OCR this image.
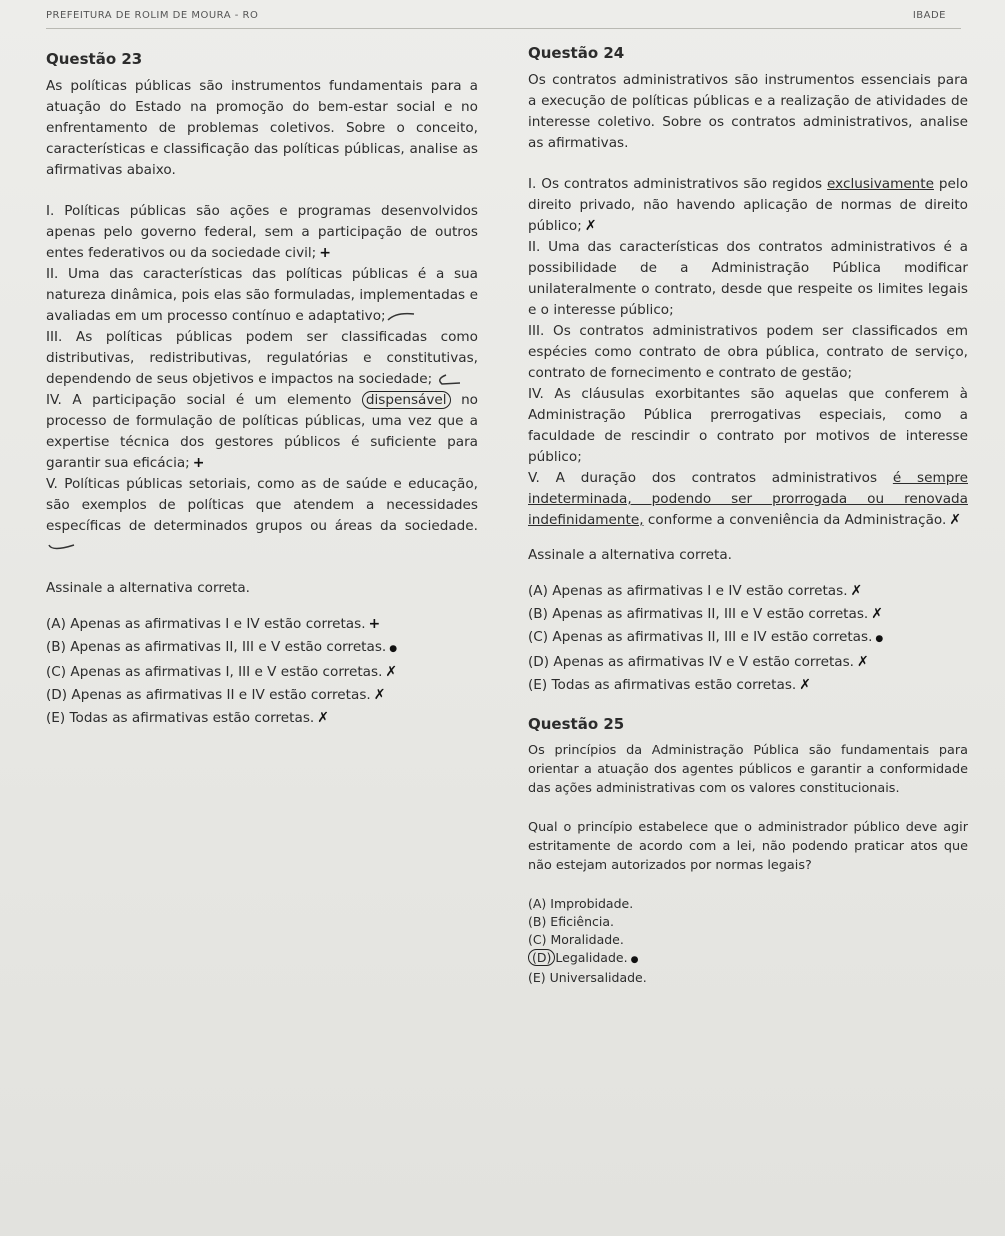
PREFEITURA DE ROLIM DE MOURA - RO	IBADE
Questão 23

As políticas públicas são instrumentos fundamentais para a atuação do Estado na promoção do bem-estar social e no enfrentamento de problemas coletivos. Sobre o conceito, características e classificação das políticas públicas, analise as afirmativas abaixo.

I. Políticas públicas são ações e programas desenvolvidos apenas pelo governo federal, sem a participação de outros entes federativos ou da sociedade civil; +

II. Uma das características das políticas públicas é a sua natureza dinâmica, pois elas são formuladas, implementadas e avaliadas em um processo contínuo e adaptativo;

III. As políticas públicas podem ser classificadas como distributivas, redistributivas, regulatórias e constitutivas, dependendo de seus objetivos e impactos na sociedade;

IV. A participação social é um elemento dispensável no processo de formulação de políticas públicas, uma vez que a expertise técnica dos gestores públicos é suficiente para garantir sua eficácia; +

V. Políticas públicas setoriais, como as de saúde e educação, são exemplos de políticas que atendem a necessidades específicas de determinados grupos ou áreas da sociedade.

Assinale a alternativa correta.

(A) Apenas as afirmativas I e IV estão corretas. +
(B) Apenas as afirmativas II, III e V estão corretas. ●
(C) Apenas as afirmativas I, III e V estão corretas. ✗
(D) Apenas as afirmativas II e IV estão corretas. ✗
(E) Todas as afirmativas estão corretas. ✗
Questão 24

Os contratos administrativos são instrumentos essenciais para a execução de políticas públicas e a realização de atividades de interesse coletivo. Sobre os contratos administrativos, analise as afirmativas.

I. Os contratos administrativos são regidos exclusivamente pelo direito privado, não havendo aplicação de normas de direito público; ✗

II. Uma das características dos contratos administrativos é a possibilidade de a Administração Pública modificar unilateralmente o contrato, desde que respeite os limites legais e o interesse público;

III. Os contratos administrativos podem ser classificados em espécies como contrato de obra pública, contrato de serviço, contrato de fornecimento e contrato de gestão;

IV. As cláusulas exorbitantes são aquelas que conferem à Administração Pública prerrogativas especiais, como a faculdade de rescindir o contrato por motivos de interesse público;

V. A duração dos contratos administrativos é sempre indeterminada, podendo ser prorrogada ou renovada indefinidamente, conforme a conveniência da Administração. ✗

Assinale a alternativa correta.

(A) Apenas as afirmativas I e IV estão corretas. ✗
(B) Apenas as afirmativas II, III e V estão corretas. ✗
(C) Apenas as afirmativas II, III e IV estão corretas. ●
(D) Apenas as afirmativas IV e V estão corretas. ✗
(E) Todas as afirmativas estão corretas. ✗
Questão 25

Os princípios da Administração Pública são fundamentais para orientar a atuação dos agentes públicos e garantir a conformidade das ações administrativas com os valores constitucionais.

Qual o princípio estabelece que o administrador público deve agir estritamente de acordo com a lei, não podendo praticar atos que não estejam autorizados por normas legais?

(A) Improbidade.
(B) Eficiência.
(C) Moralidade.
(D) Legalidade. ●
(E) Universalidade.
